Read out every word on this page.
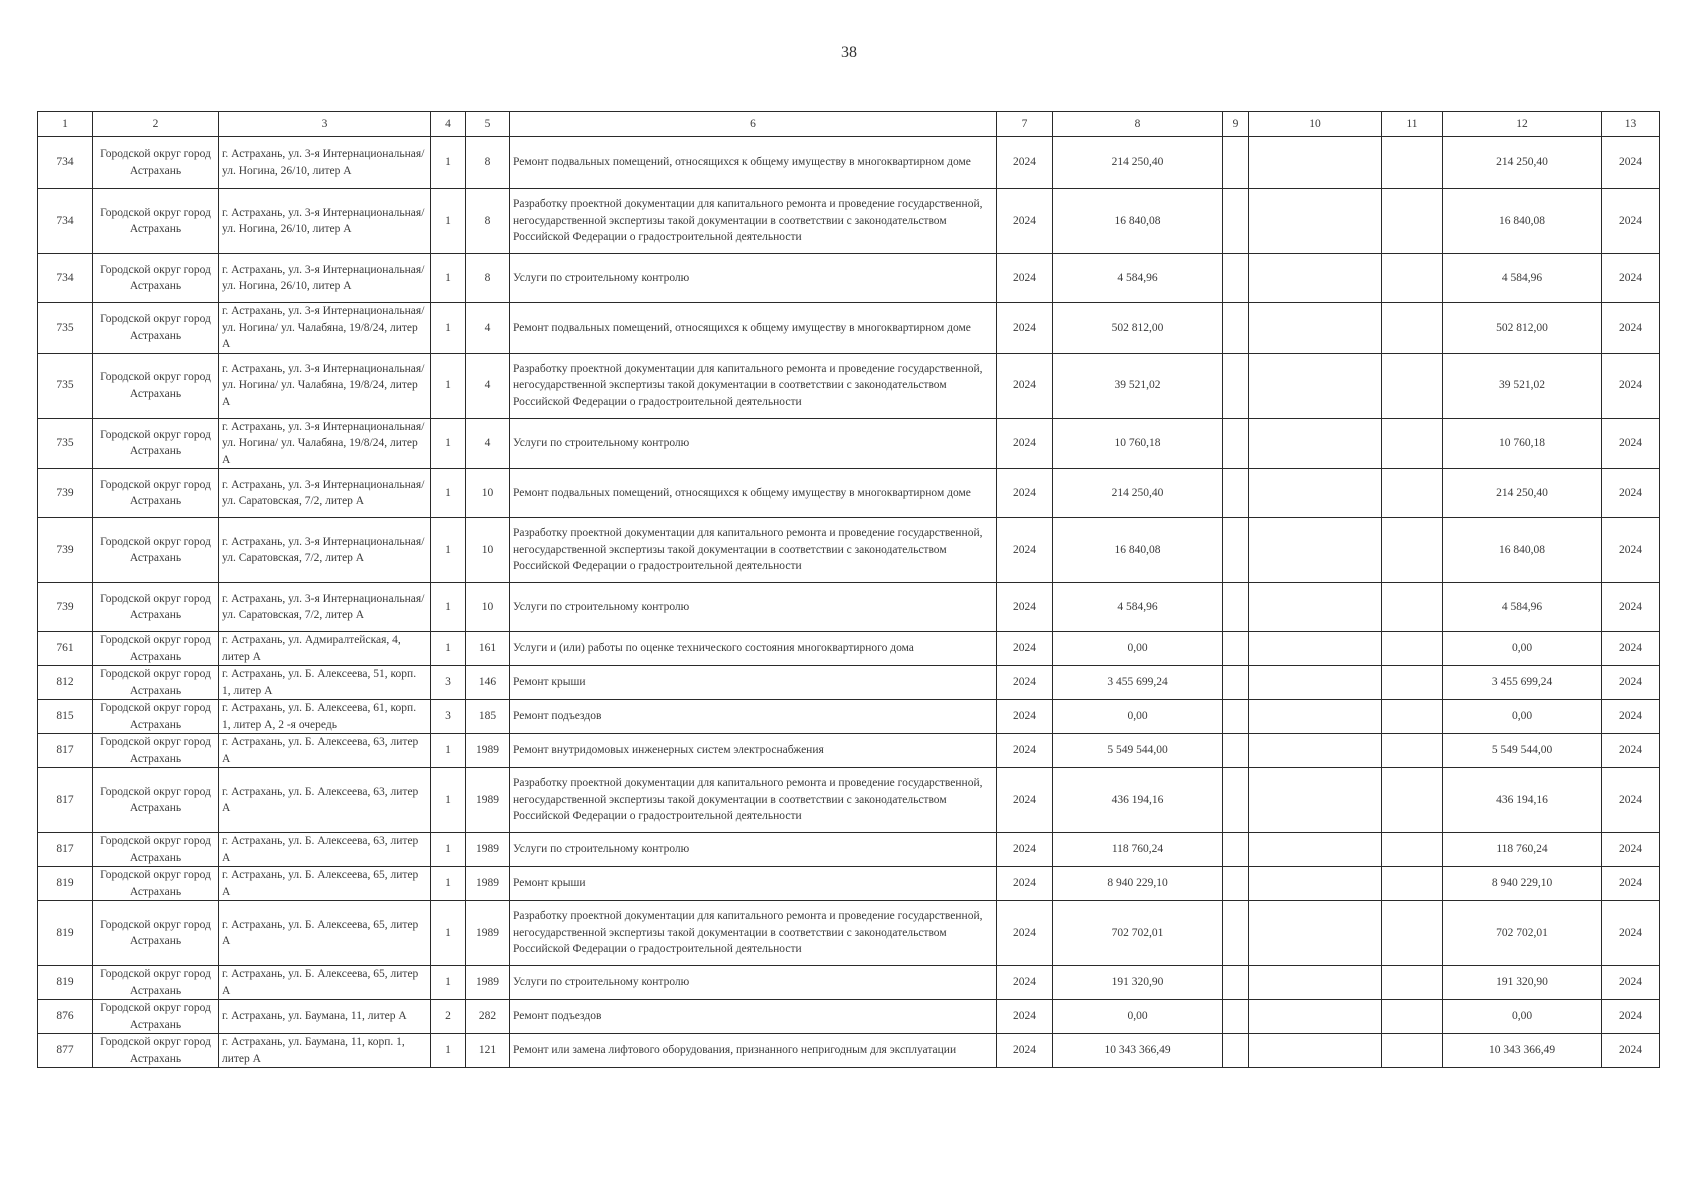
38
1	2	3	4	5	6	7	8	9	10	11	12	13
734	Городской округ город Астрахань	г. Астрахань, ул. 3-я Интернациональная/ ул. Ногина, 26/10, литер А	1	8	Ремонт подвальных помещений, относящихся к общему имуществу в многоквартирном доме	2024	214 250,40				214 250,40	2024
734	Городской округ город Астрахань	г. Астрахань, ул. 3-я Интернациональная/ ул. Ногина, 26/10, литер А	1	8	Разработку проектной документации для капитального ремонта и проведение государственной, негосударственной экспертизы такой документации в соответствии с законодательством Российской Федерации о градостроительной деятельности	2024	16 840,08				16 840,08	2024
734	Городской округ город Астрахань	г. Астрахань, ул. 3-я Интернациональная/ ул. Ногина, 26/10, литер А	1	8	Услуги по строительному контролю	2024	4 584,96				4 584,96	2024
735	Городской округ город Астрахань	г. Астрахань, ул. 3-я Интернациональная/ ул. Ногина/ ул. Чалабяна, 19/8/24, литер А	1	4	Ремонт подвальных помещений, относящихся к общему имуществу в многоквартирном доме	2024	502 812,00				502 812,00	2024
735	Городской округ город Астрахань	г. Астрахань, ул. 3-я Интернациональная/ ул. Ногина/ ул. Чалабяна, 19/8/24, литер А	1	4	Разработку проектной документации для капитального ремонта и проведение государственной, негосударственной экспертизы такой документации в соответствии с законодательством Российской Федерации о градостроительной деятельности	2024	39 521,02				39 521,02	2024
735	Городской округ город Астрахань	г. Астрахань, ул. 3-я Интернациональная/ ул. Ногина/ ул. Чалабяна, 19/8/24, литер А	1	4	Услуги по строительному контролю	2024	10 760,18				10 760,18	2024
739	Городской округ город Астрахань	г. Астрахань, ул. 3-я Интернациональная/ ул. Саратовская, 7/2, литер А	1	10	Ремонт подвальных помещений, относящихся к общему имуществу в многоквартирном доме	2024	214 250,40				214 250,40	2024
739	Городской округ город Астрахань	г. Астрахань, ул. 3-я Интернациональная/ ул. Саратовская, 7/2, литер А	1	10	Разработку проектной документации для капитального ремонта и проведение государственной, негосударственной экспертизы такой документации в соответствии с законодательством Российской Федерации о градостроительной деятельности	2024	16 840,08				16 840,08	2024
739	Городской округ город Астрахань	г. Астрахань, ул. 3-я Интернациональная/ ул. Саратовская, 7/2, литер А	1	10	Услуги по строительному контролю	2024	4 584,96				4 584,96	2024
761	Городской округ город Астрахань	г. Астрахань, ул. Адмиралтейская, 4, литер А	1	161	Услуги и (или) работы по оценке технического состояния многоквартирного дома	2024	0,00				0,00	2024
812	Городской округ город Астрахань	г. Астрахань, ул. Б. Алексеева, 51, корп. 1, литер А	3	146	Ремонт крыши	2024	3 455 699,24				3 455 699,24	2024
815	Городской округ город Астрахань	г. Астрахань, ул. Б. Алексеева, 61, корп. 1, литер А, 2 -я очередь	3	185	Ремонт подъездов	2024	0,00				0,00	2024
817	Городской округ город Астрахань	г. Астрахань, ул. Б. Алексеева, 63, литер А	1	1989	Ремонт внутридомовых инженерных систем электроснабжения	2024	5 549 544,00				5 549 544,00	2024
817	Городской округ город Астрахань	г. Астрахань, ул. Б. Алексеева, 63, литер А	1	1989	Разработку проектной документации для капитального ремонта и проведение государственной, негосударственной экспертизы такой документации в соответствии с законодательством Российской Федерации о градостроительной деятельности	2024	436 194,16				436 194,16	2024
817	Городской округ город Астрахань	г. Астрахань, ул. Б. Алексеева, 63, литер А	1	1989	Услуги по строительному контролю	2024	118 760,24				118 760,24	2024
819	Городской округ город Астрахань	г. Астрахань, ул. Б. Алексеева, 65, литер А	1	1989	Ремонт крыши	2024	8 940 229,10				8 940 229,10	2024
819	Городской округ город Астрахань	г. Астрахань, ул. Б. Алексеева, 65, литер А	1	1989	Разработку проектной документации для капитального ремонта и проведение государственной, негосударственной экспертизы такой документации в соответствии с законодательством Российской Федерации о градостроительной деятельности	2024	702 702,01				702 702,01	2024
819	Городской округ город Астрахань	г. Астрахань, ул. Б. Алексеева, 65, литер А	1	1989	Услуги по строительному контролю	2024	191 320,90				191 320,90	2024
876	Городской округ город Астрахань	г. Астрахань, ул. Баумана, 11, литер А	2	282	Ремонт подъездов	2024	0,00				0,00	2024
877	Городской округ город Астрахань	г. Астрахань, ул. Баумана, 11, корп. 1, литер А	1	121	Ремонт или замена лифтового оборудования, признанного непригодным для эксплуатации	2024	10 343 366,49				10 343 366,49	2024
